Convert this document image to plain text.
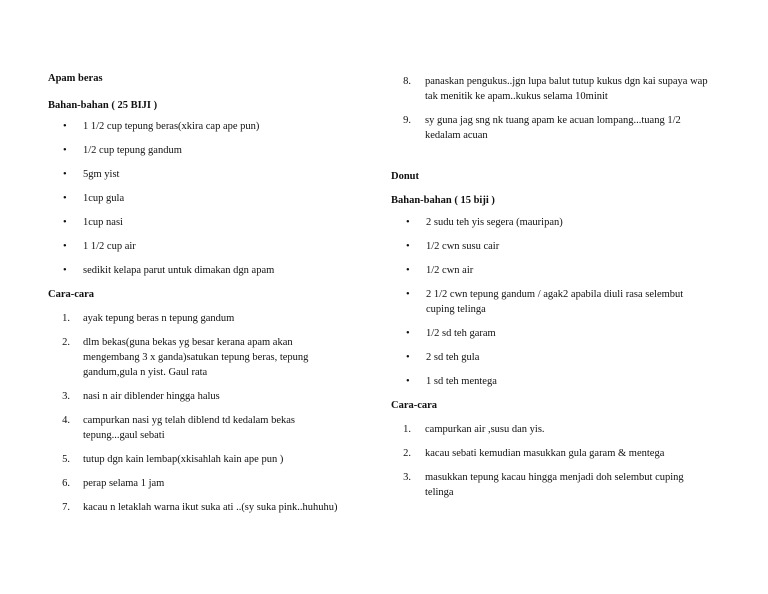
Apam beras

Bahan-bahan ( 25 BIJI )

• 1 1/2 cup tepung beras(xkira cap ape pun)
• 1/2 cup tepung gandum
• 5gm yist
• 1cup gula
• 1cup nasi
• 1 1/2 cup air
• sedikit kelapa parut untuk dimakan dgn apam

Cara-cara

1. ayak tepung beras n tepung gandum
2. dlm bekas(guna bekas yg besar kerana apam akan mengembang 3 x ganda)satukan tepung beras, tepung gandum,gula n yist. Gaul rata
3. nasi n air diblender hingga halus
4. campurkan nasi yg telah diblend td kedalam bekas tepung...gaul sebati
5. tutup dgn kain lembap(xkisahlah kain ape pun )
6. perap selama 1 jam
7. kacau n letaklah warna ikut suka ati ..(sy suka pink..huhuhu)
8. panaskan pengukus..jgn lupa balut tutup kukus dgn kai supaya wap tak menitik ke apam..kukus selama 10minit
9. sy guna jag sng nk tuang apam ke acuan lompang...tuang 1/2 kedalam acuan

Donut

Bahan-bahan ( 15 biji )

• 2 sudu teh yis segera (mauripan)
• 1/2 cwn susu cair
• 1/2 cwn air
• 2 1/2 cwn tepung gandum / agak2 apabila diuli rasa selembut cuping telinga
• 1/2 sd teh garam
• 2 sd teh gula
• 1 sd teh mentega

Cara-cara

1. campurkan air ,susu dan yis.
2. kacau sebati kemudian masukkan gula garam & mentega
3. masukkan tepung kacau hingga menjadi doh selembut cuping telinga
